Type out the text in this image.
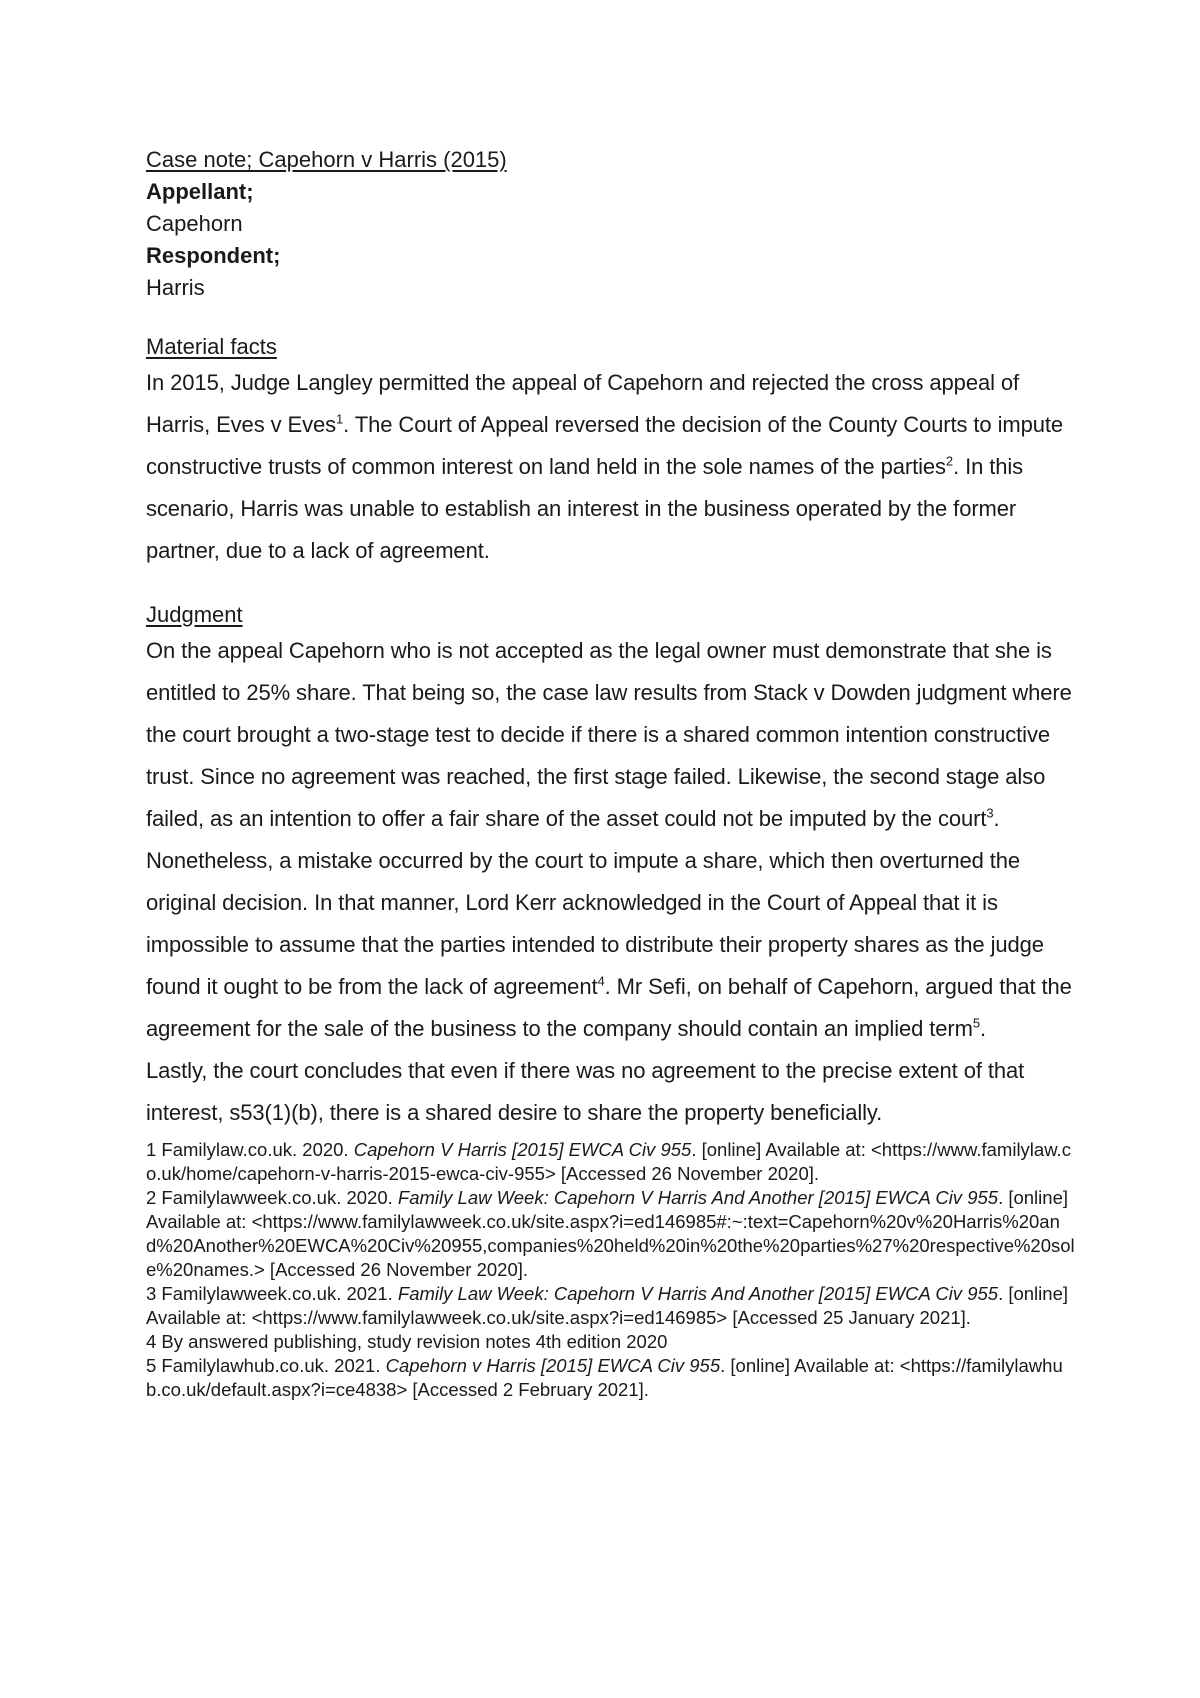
Case note; Capehorn v Harris (2015)

Appellant;

Capehorn

Respondent;

Harris

Material facts

In 2015, Judge Langley permitted the appeal of Capehorn and rejected the cross appeal of Harris, Eves v Eves$^1$. The Court of Appeal reversed the decision of the County Courts to impute constructive trusts of common interest on land held in the sole names of the parties$^2$. In this scenario, Harris was unable to establish an interest in the business operated by the former partner, due to a lack of agreement.

Judgment

On the appeal Capehorn who is not accepted as the legal owner must demonstrate that she is entitled to 25% share. That being so, the case law results from Stack v Dowden judgment where the court brought a two-stage test to decide if there is a shared common intention constructive trust. Since no agreement was reached, the first stage failed. Likewise, the second stage also failed, as an intention to offer a fair share of the asset could not be imputed by the court$^3$. Nonetheless, a mistake occurred by the court to impute a share, which then overturned the original decision. In that manner, Lord Kerr acknowledged in the Court of Appeal that it is impossible to assume that the parties intended to distribute their property shares as the judge found it ought to be from the lack of agreement$^4$. Mr Sefi, on behalf of Capehorn, argued that the agreement for the sale of the business to the company should contain an implied term$^5$.

Lastly, the court concludes that even if there was no agreement to the precise extent of that interest, s53(1)(b), there is a shared desire to share the property beneficially.

1 Familylaw.co.uk. 2020. Capehorn V Harris [2015] EWCA Civ 955. [online] Available at: <https://www.familylaw.co.uk/home/capehorn-v-harris-2015-ewca-civ-955> [Accessed 26 November 2020].

2 Familylawweek.co.uk. 2020. Family Law Week: Capehorn V Harris And Another [2015] EWCA Civ 955. [online] Available at: <https://www.familylawweek.co.uk/site.aspx?i=ed146985#:~:text=Capehorn%20v%20Harris%20and%20Another%20EWCA%20Civ%20955,companies%20held%20in%20the%20parties%27%20respective%20sole%20names.> [Accessed 26 November 2020].

3 Familylawweek.co.uk. 2021. Family Law Week: Capehorn V Harris And Another [2015] EWCA Civ 955. [online] Available at: <https://www.familylawweek.co.uk/site.aspx?i=ed146985> [Accessed 25 January 2021].

4 By answered publishing, study revision notes 4th edition 2020

5 Familylawhub.co.uk. 2021. Capehorn v Harris [2015] EWCA Civ 955. [online] Available at: <https://familylawhub.co.uk/default.aspx?i=ce4838> [Accessed 2 February 2021].
